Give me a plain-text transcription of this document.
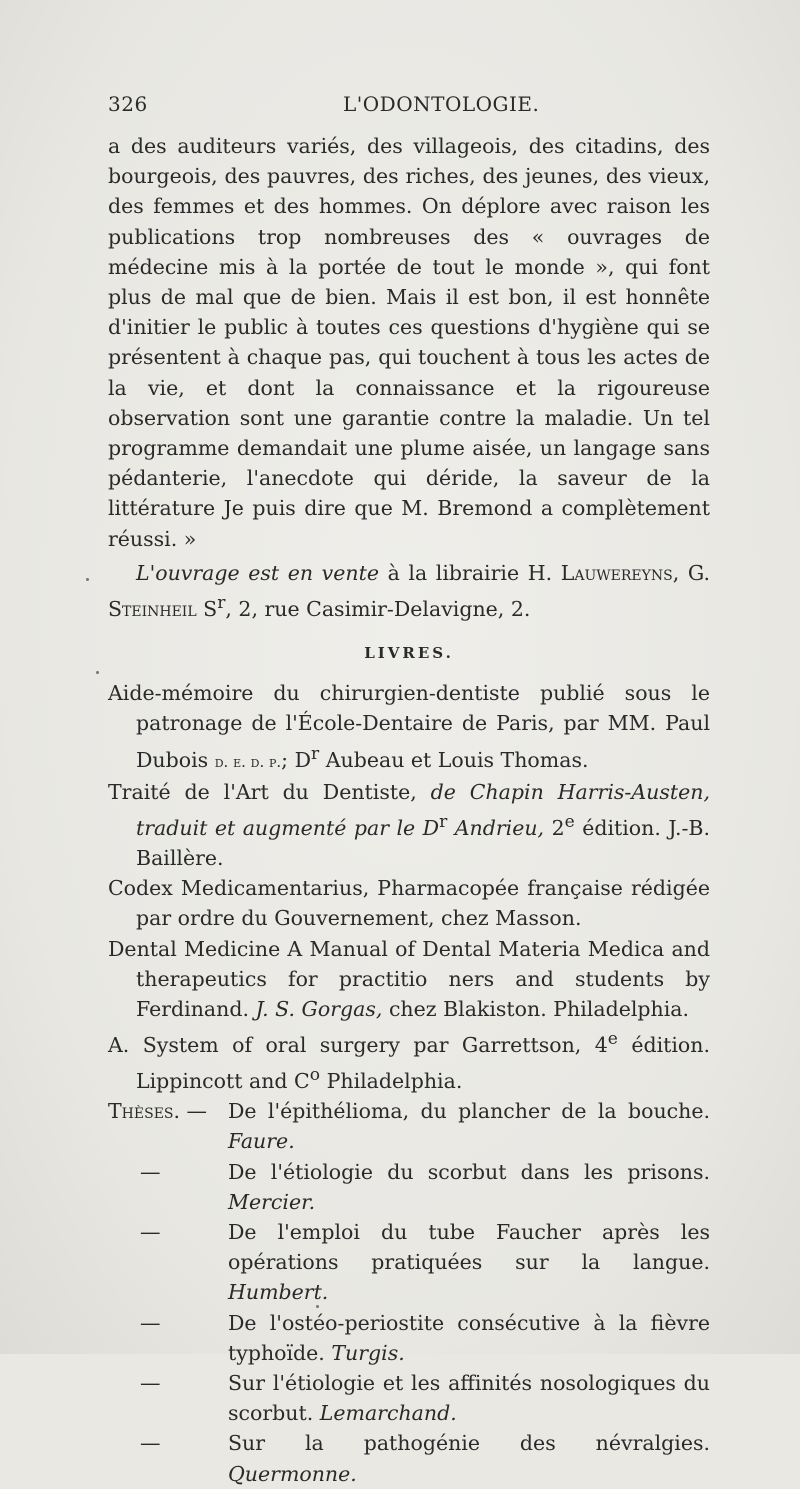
326	L'ODONTOLOGIE.

a des auditeurs variés, des villageois, des citadins, des bourgeois, des pauvres, des riches, des jeunes, des vieux, des femmes et des hommes. On déplore avec raison les publications trop nombreuses des « ouvrages de médecine mis à la portée de tout le monde », qui font plus de mal que de bien. Mais il est bon, il est honnête d'initier le public à toutes ces questions d'hygiène qui se présentent à chaque pas, qui touchent à tous les actes de la vie, et dont la connaissance et la rigoureuse observation sont une garantie contre la maladie. Un tel programme demandait une plume aisée, un langage sans pédanterie, l'anecdote qui déride, la saveur de la littérature Je puis dire que M. Bremond a complètement réussi. »

L'ouvrage est en vente à la librairie H. Lauwereyns, G. Steinheil $S^r$, 2, rue Casimir-Delavigne, 2.

LIVRES.

Aide-mémoire du chirurgien-dentiste publié sous le patronage de l'École-Dentaire de Paris, par MM. Paul Dubois d. e. d. p.; $D^r$ Aubeau et Louis Thomas.

Traité de l'Art du Dentiste, de Chapin Harris-Austen, traduit et augmenté par le $D^r$ Andrieu, 2e édition. J.-B. Baillère.

Codex Medicamentarius, Pharmacopée française rédigée par ordre du Gouvernement, chez Masson.

Dental Medicine A Manual of Dental Materia Medica and therapeutics for practitio ners and students by Ferdinand. J. S. Gorgas, chez Blakiston. Philadelphia.

A. System of oral surgery par Garrettson, 4e édition. Lippincott and $C^o$ Philadelphia.

Thèses. —	De l'épithélioma, du plancher de la bouche. Faure.
—	De l'étiologie du scorbut dans les prisons. Mercier.
—	De l'emploi du tube Faucher après les opérations pratiquées sur la langue. Humbert.
—	De l'ostéo-periostite consécutive à la fièvre typhoïde. Turgis.
—	Sur l'étiologie et les affinités nosologiques du scorbut. Lemarchand.
—	Sur la pathogénie des névralgies. Quermonne.
